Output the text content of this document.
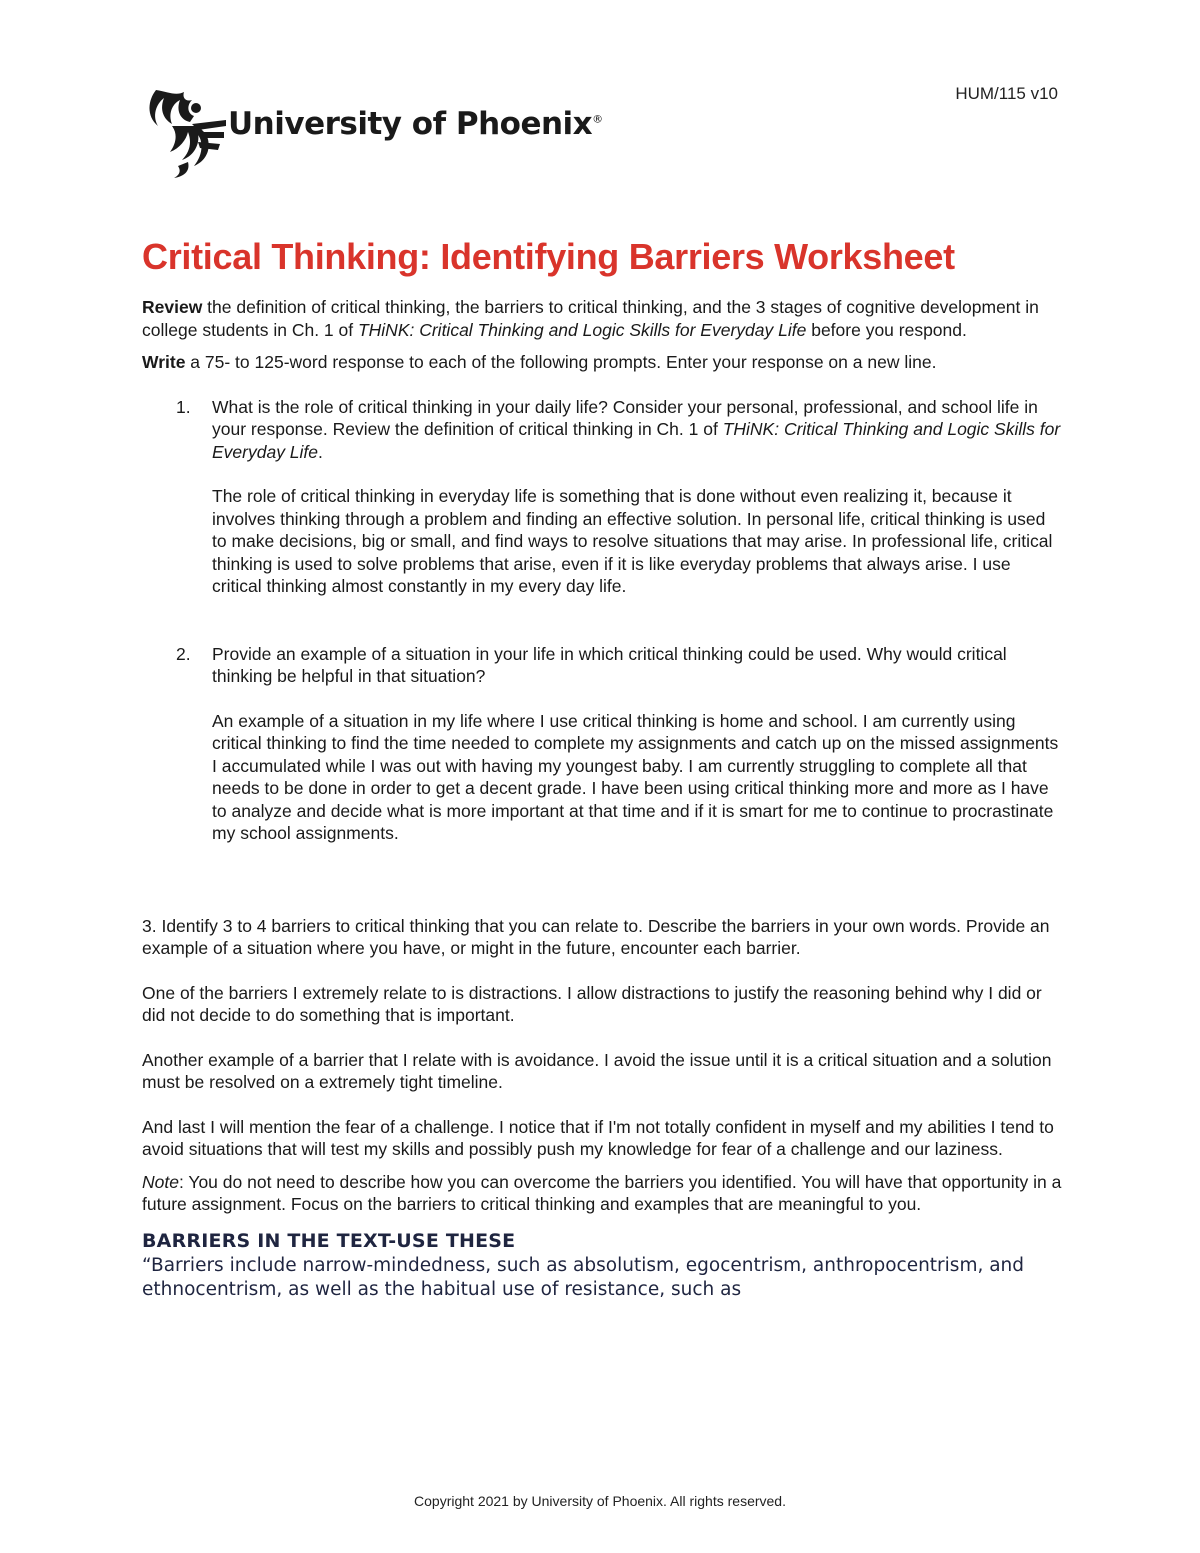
HUM/115 v10
University of Phoenix®
Critical Thinking: Identifying Barriers Worksheet

Review the definition of critical thinking, the barriers to critical thinking, and the 3 stages of cognitive development in college students in Ch. 1 of THiNK: Critical Thinking and Logic Skills for Everyday Life before you respond.

Write a 75- to 125-word response to each of the following prompts. Enter your response on a new line.

1. What is the role of critical thinking in your daily life? Consider your personal, professional, and school life in your response. Review the definition of critical thinking in Ch. 1 of THiNK: Critical Thinking and Logic Skills for Everyday Life.

The role of critical thinking in everyday life is something that is done without even realizing it, because it involves thinking through a problem and finding an effective solution. In personal life, critical thinking is used to make decisions, big or small, and find ways to resolve situations that may arise. In professional life, critical thinking is used to solve problems that arise, even if it is like everyday problems that always arise. I use critical thinking almost constantly in my every day life.

2. Provide an example of a situation in your life in which critical thinking could be used. Why would critical thinking be helpful in that situation?

An example of a situation in my life where I use critical thinking is home and school. I am currently using critical thinking to find the time needed to complete my assignments and catch up on the missed assignments I accumulated while I was out with having my youngest baby. I am currently struggling to complete all that needs to be done in order to get a decent grade. I have been using critical thinking more and more as I have to analyze and decide what is more important at that time and if it is smart for me to continue to procrastinate my school assignments.

3. Identify 3 to 4 barriers to critical thinking that you can relate to. Describe the barriers in your own words. Provide an example of a situation where you have, or might in the future, encounter each barrier.

One of the barriers I extremely relate to is distractions. I allow distractions to justify the reasoning behind why I did or did not decide to do something that is important.

Another example of a barrier that I relate with is avoidance. I avoid the issue until it is a critical situation and a solution must be resolved on a extremely tight timeline.

And last I will mention the fear of a challenge. I notice that if I'm not totally confident in myself and my abilities I tend to avoid situations that will test my skills and possibly push my knowledge for fear of a challenge and our laziness.

Note: You do not need to describe how you can overcome the barriers you identified. You will have that opportunity in a future assignment. Focus on the barriers to critical thinking and examples that are meaningful to you.

BARRIERS IN THE TEXT-USE THESE
“Barriers include narrow-mindedness, such as absolutism, egocentrism, anthropocentrism, and ethnocentrism, as well as the habitual use of resistance, such as
Copyright 2021 by University of Phoenix. All rights reserved.
